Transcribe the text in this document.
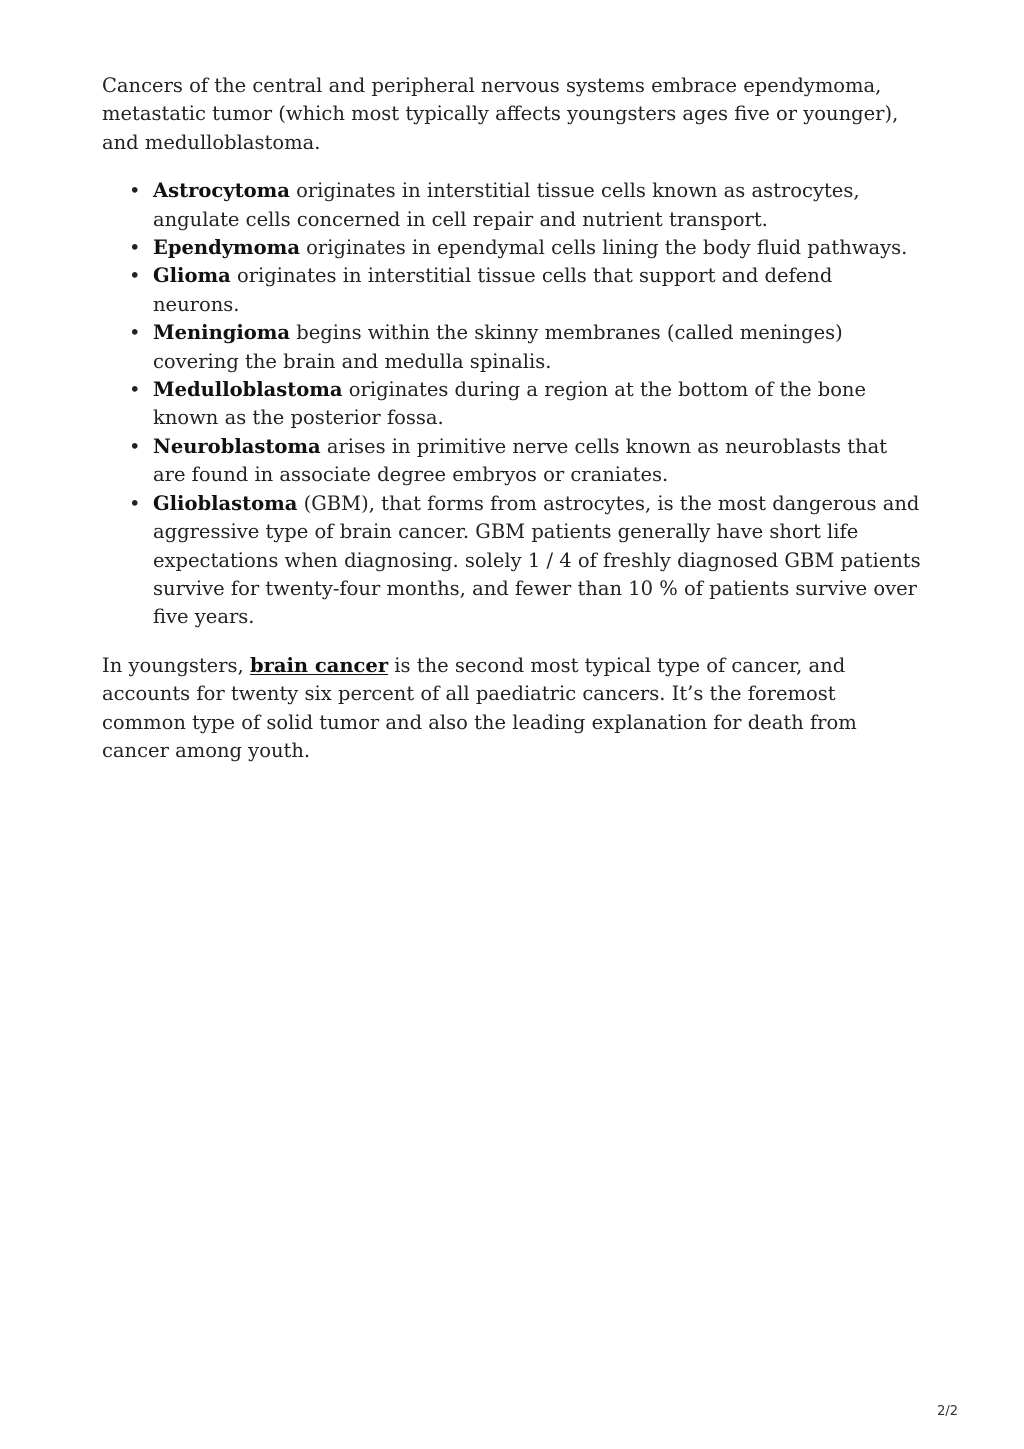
Cancers of the central and peripheral nervous systems embrace ependymoma, metastatic tumor (which most typically affects youngsters ages five or younger), and medulloblastoma.

• Astrocytoma originates in interstitial tissue cells known as astrocytes, angulate cells concerned in cell repair and nutrient transport.
• Ependymoma originates in ependymal cells lining the body fluid pathways.
• Glioma originates in interstitial tissue cells that support and defend neurons.
• Meningioma begins within the skinny membranes (called meninges) covering the brain and medulla spinalis.
• Medulloblastoma originates during a region at the bottom of the bone known as the posterior fossa.
• Neuroblastoma arises in primitive nerve cells known as neuroblasts that are found in associate degree embryos or craniates.
• Glioblastoma (GBM), that forms from astrocytes, is the most dangerous and aggressive type of brain cancer. GBM patients generally have short life expectations when diagnosing. solely 1 / 4 of freshly diagnosed GBM patients survive for twenty-four months, and fewer than 10 % of patients survive over five years.

In youngsters, brain cancer is the second most typical type of cancer, and accounts for twenty six percent of all paediatric cancers. It’s the foremost common type of solid tumor and also the leading explanation for death from cancer among youth.

2/2
